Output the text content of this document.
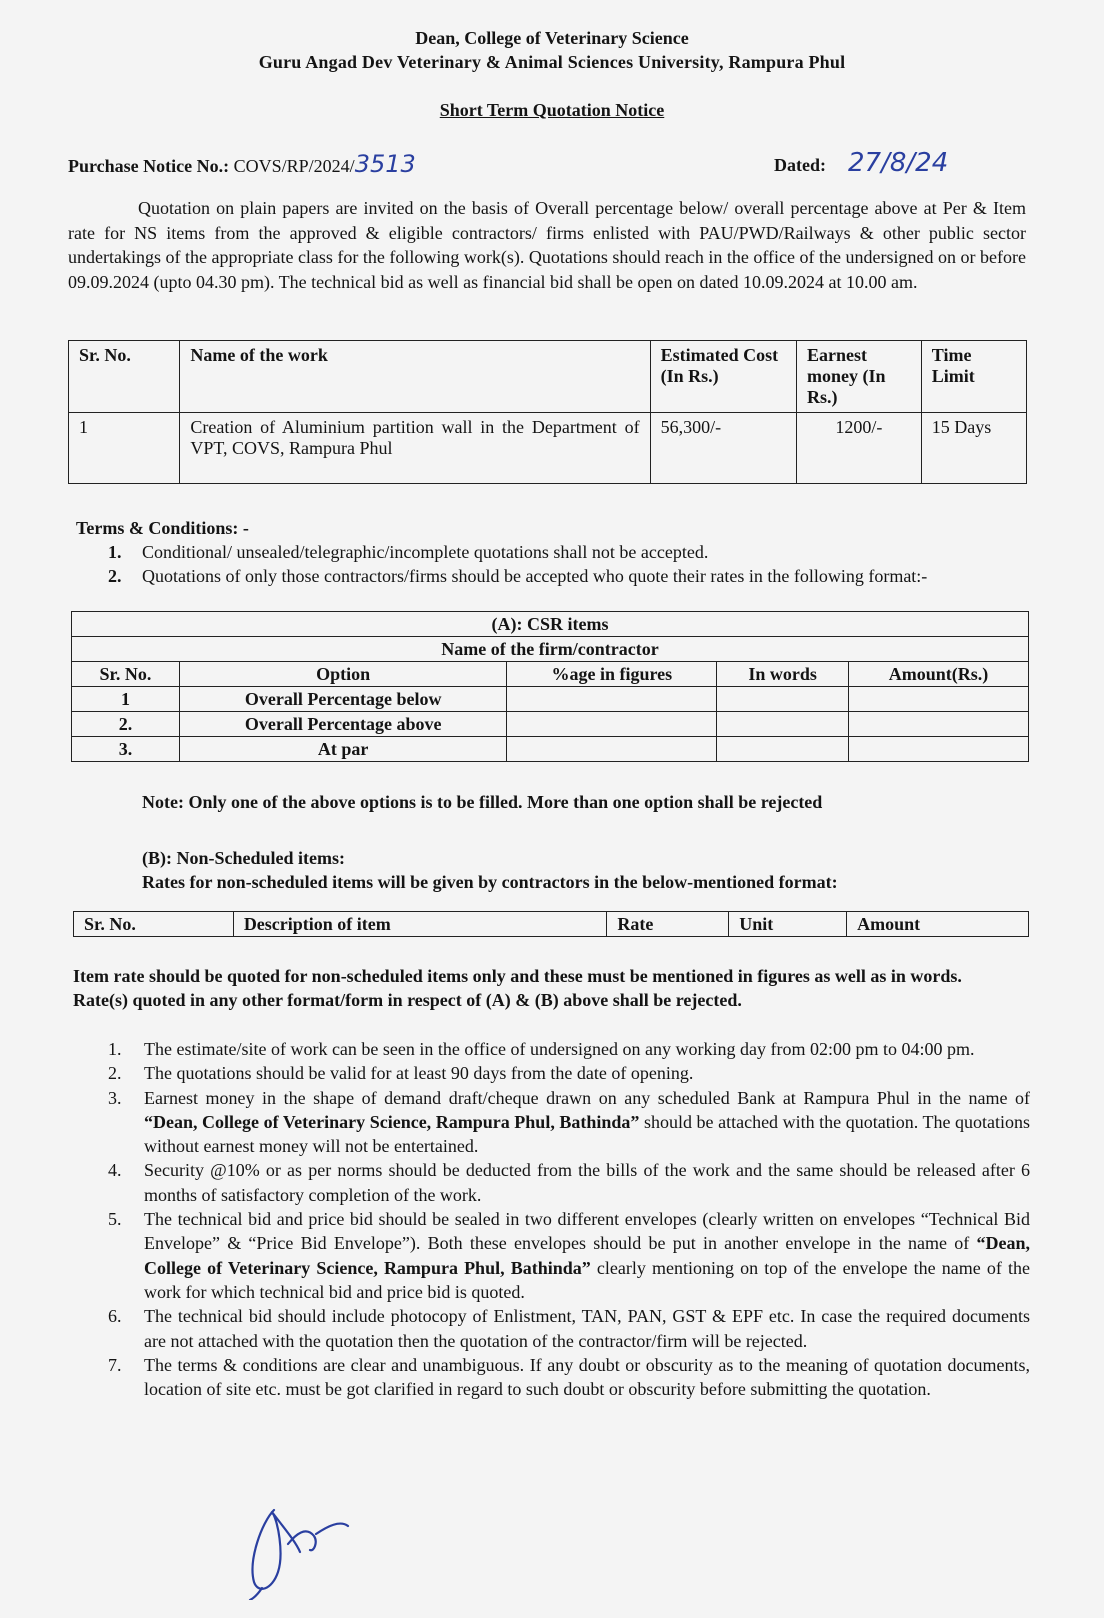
Dean, College of Veterinary Science
Guru Angad Dev Veterinary & Animal Sciences University, Rampura Phul
Short Term Quotation Notice
Purchase Notice No.: COVS/RP/2024/3513	Dated: 27/8/24
Quotation on plain papers are invited on the basis of Overall percentage below/ overall percentage above at Per & Item rate for NS items from the approved & eligible contractors/ firms enlisted with PAU/PWD/Railways & other public sector undertakings of the appropriate class for the following work(s). Quotations should reach in the office of the undersigned on or before 09.09.2024 (upto 04.30 pm). The technical bid as well as financial bid shall be open on dated 10.09.2024 at 10.00 am.
Sr. No.	Name of the work	Estimated Cost (In Rs.)	Earnest money (In Rs.)	Time Limit
1	Creation of Aluminium partition wall in the Department of VPT, COVS, Rampura Phul	56,300/-	1200/-	15 Days
Terms & Conditions: -
1. Conditional/ unsealed/telegraphic/incomplete quotations shall not be accepted.
2. Quotations of only those contractors/firms should be accepted who quote their rates in the following format:-
(A): CSR items				
Name of the firm/contractor				
Sr. No.	Option	%age in figures	In words	Amount(Rs.)
1	Overall Percentage below			
2.	Overall Percentage above			
3.	At par			
Note: Only one of the above options is to be filled. More than one option shall be rejected
(B): Non-Scheduled items:
Rates for non-scheduled items will be given by contractors in the below-mentioned format:
Sr. No.	Description of item	Rate	Unit	Amount
Item rate should be quoted for non-scheduled items only and these must be mentioned in figures as well as in words.
Rate(s) quoted in any other format/form in respect of (A) & (B) above shall be rejected.
1. The estimate/site of work can be seen in the office of undersigned on any working day from 02:00 pm to 04:00 pm.
2. The quotations should be valid for at least 90 days from the date of opening.
3. Earnest money in the shape of demand draft/cheque drawn on any scheduled Bank at Rampura Phul in the name of “Dean, College of Veterinary Science, Rampura Phul, Bathinda” should be attached with the quotation. The quotations without earnest money will not be entertained.
4. Security @10% or as per norms should be deducted from the bills of the work and the same should be released after 6 months of satisfactory completion of the work.
5. The technical bid and price bid should be sealed in two different envelopes (clearly written on envelopes “Technical Bid Envelope” & “Price Bid Envelope”). Both these envelopes should be put in another envelope in the name of “Dean, College of Veterinary Science, Rampura Phul, Bathinda” clearly mentioning on top of the envelope the name of the work for which technical bid and price bid is quoted.
6. The technical bid should include photocopy of Enlistment, TAN, PAN, GST & EPF etc. In case the required documents are not attached with the quotation then the quotation of the contractor/firm will be rejected.
7. The terms & conditions are clear and unambiguous. If any doubt or obscurity as to the meaning of quotation documents, location of site etc. must be got clarified in regard to such doubt or obscurity before submitting the quotation.
